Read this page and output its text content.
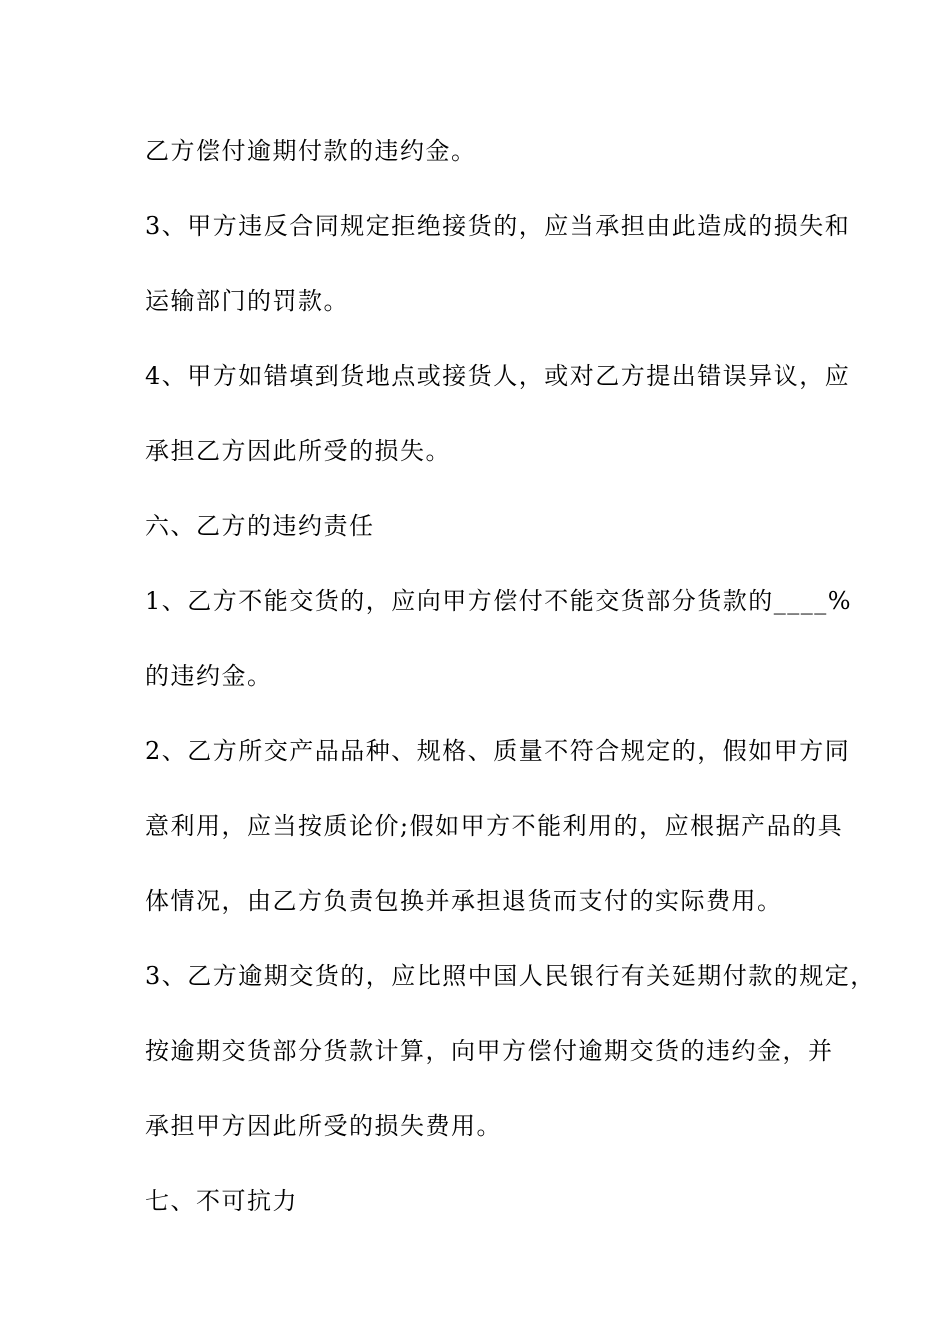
乙方偿付逾期付款的违约金。
3、甲方违反合同规定拒绝接货的，应当承担由此造成的损失和
运输部门的罚款。
4、甲方如错填到货地点或接货人，或对乙方提出错误异议，应
承担乙方因此所受的损失。
六、乙方的违约责任
1、乙方不能交货的，应向甲方偿付不能交货部分货款的____%
的违约金。
2、乙方所交产品品种、规格、质量不符合规定的，假如甲方同
意利用，应当按质论价;假如甲方不能利用的，应根据产品的具
体情况，由乙方负责包换并承担退货而支付的实际费用。
3、乙方逾期交货的，应比照中国人民银行有关延期付款的规定，
按逾期交货部分货款计算，向甲方偿付逾期交货的违约金，并
承担甲方因此所受的损失费用。
七、不可抗力
